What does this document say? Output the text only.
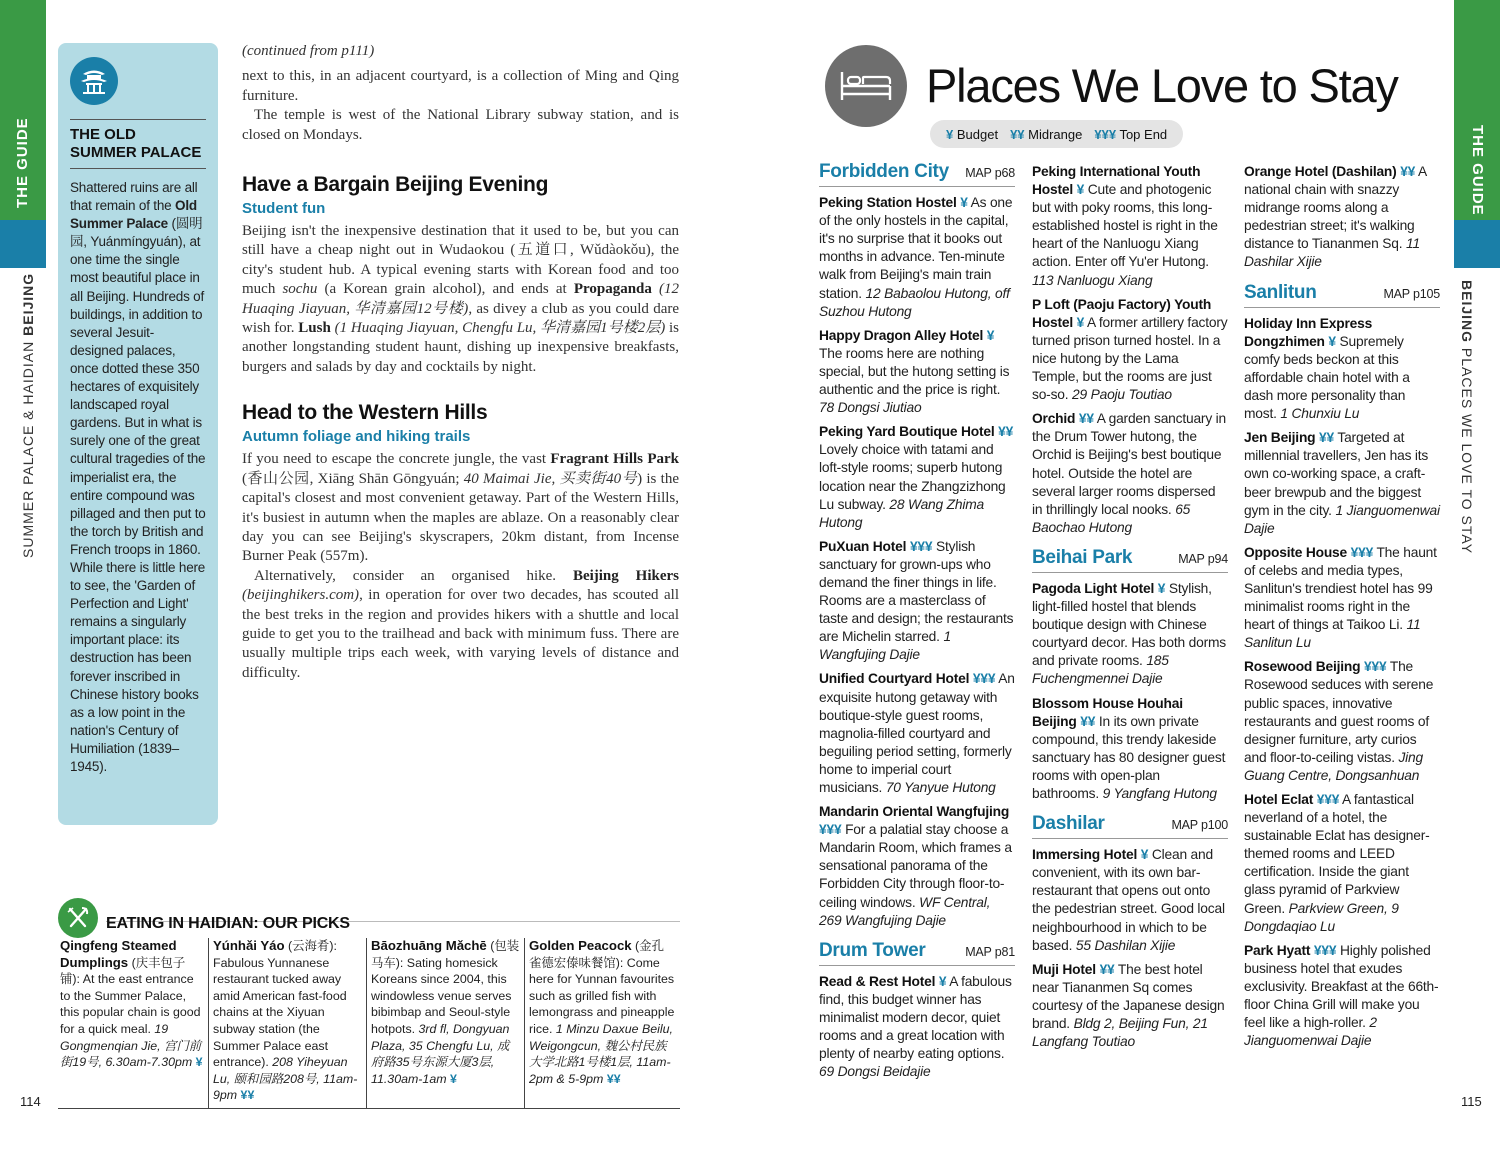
THE GUIDE
SUMMER PALACE & HAIDIAN BEIJING
114
THE OLD SUMMER PALACE
Shattered ruins are all that remain of the Old Summer Palace (圆明园, Yuánmíngyuán), at one time the single most beautiful place in all Beijing. Hundreds of buildings, in addition to several Jesuit-designed palaces, once dotted these 350 hectares of exquisitely landscaped royal gardens. But in what is surely one of the great cultural tragedies of the imperialist era, the entire compound was pillaged and then put to the torch by British and French troops in 1860. While there is little here to see, the 'Garden of Perfection and Light' remains a singularly important place: its destruction has been forever inscribed in Chinese history books as a low point in the nation's Century of Humiliation (1839–1945).

(continued from p111)

next to this, in an adjacent courtyard, is a collection of Ming and Qing furniture.

The temple is west of the National Library subway station, and is closed on Mondays.

Have a Bargain Beijing Evening
Student fun

Beijing isn't the inexpensive destination that it used to be, but you can still have a cheap night out in Wudaokou (五道口, Wǔdàokǒu), the city's student hub. A typical evening starts with Korean food and too much sochu (a Korean grain alcohol), and ends at Propaganda (12 Huaqing Jiayuan, 华清嘉园12号楼), as divey a club as you could dare wish for. Lush (1 Huaqing Jiayuan, Chengfu Lu, 华清嘉园1号楼2层) is another longstanding student haunt, dishing up inexpensive breakfasts, burgers and salads by day and cocktails by night.

Head to the Western Hills
Autumn foliage and hiking trails

If you need to escape the concrete jungle, the vast Fragrant Hills Park (香山公园, Xiāng Shān Gōngyuán; 40 Maimai Jie, 买卖街40号) is the capital's closest and most convenient getaway. Part of the Western Hills, it's busiest in autumn when the maples are ablaze. On a reasonably clear day you can see Beijing's skyscrapers, 20km distant, from Incense Burner Peak (557m).

Alternatively, consider an organised hike. Beijing Hikers (beijinghikers.com), in operation for over two decades, has scouted all the best treks in the region and provides hikers with a shuttle and local guide to get you to the trailhead and back with minimum fuss. There are usually multiple trips each week, with varying levels of distance and difficulty.

EATING IN HAIDIAN: OUR PICKS
Qingfeng Steamed Dumplings (庆丰包子铺): At the east entrance to the Summer Palace, this popular chain is good for a quick meal. 19 Gongmenqian Jie, 宫门前街19号, 6.30am-7.30pm ¥
Yúnhǎi Yáo (云海肴): Fabulous Yunnanese restaurant tucked away amid American fast-food chains at the Xiyuan subway station (the Summer Palace east entrance). 208 Yiheyuan Lu, 颐和园路208号, 11am-9pm ¥¥
Bāozhuāng Mǎchē (包装马车): Sating homesick Koreans since 2004, this windowless venue serves bibimbap and Seoul-style hotpots. 3rd fl, Dongyuan Plaza, 35 Chengfu Lu, 成府路35号东源大厦3层, 11.30am-1am ¥
Golden Peacock (金孔雀德宏傣味餐馆): Come here for Yunnan favourites such as grilled fish with lemongrass and pineapple rice. 1 Minzu Daxue Beilu, Weigongcun, 魏公村民族大学北路1号楼1层, 11am-2pm & 5-9pm ¥¥
THE GUIDE
BEIJING PLACES WE LOVE TO STAY
115
Places We Love to Stay
¥ Budget ¥¥ Midrange ¥¥¥ Top End
Forbidden City MAP p68
Peking Station Hostel ¥ As one of the only hostels in the capital, it's no surprise that it books out months in advance. Ten-minute walk from Beijing's main train station. 12 Babaolou Hutong, off Suzhou Hutong
Happy Dragon Alley Hotel ¥ The rooms here are nothing special, but the hutong setting is authentic and the price is right. 78 Dongsi Jiutiao
Peking Yard Boutique Hotel ¥¥ Lovely choice with tatami and loft-style rooms; superb hutong location near the Zhangzizhong Lu subway. 28 Wang Zhima Hutong
PuXuan Hotel ¥¥¥ Stylish sanctuary for grown-ups who demand the finer things in life. Rooms are a masterclass of taste and design; the restaurants are Michelin starred. 1 Wangfujing Dajie
Unified Courtyard Hotel ¥¥¥ An exquisite hutong getaway with boutique-style guest rooms, magnolia-filled courtyard and beguiling period setting, formerly home to imperial court musicians. 70 Yanyue Hutong
Mandarin Oriental Wangfujing ¥¥¥ For a palatial stay choose a Mandarin Room, which frames a sensational panorama of the Forbidden City through floor-to-ceiling windows. WF Central, 269 Wangfujing Dajie
Drum Tower	MAP p81
Read & Rest Hotel ¥ A fabulous find, this budget winner has minimalist modern decor, quiet rooms and a great location with plenty of nearby eating options. 69 Dongsi Beidajie
Peking International Youth Hostel ¥ Cute and photogenic but with poky rooms, this long-established hostel is right in the heart of the Nanluogu Xiang action. Enter off Yu'er Hutong. 113 Nanluogu Xiang
P Loft (Paoju Factory) Youth Hostel ¥ A former artillery factory turned prison turned hostel. In a nice hutong by the Lama Temple, but the rooms are just so-so. 29 Paoju Toutiao
Orchid ¥¥ A garden sanctuary in the Drum Tower hutong, the Orchid is Beijing's best boutique hotel. Outside the hotel are several larger rooms dispersed in thrillingly local nooks. 65 Baochao Hutong
Beihai Park	MAP p94
Pagoda Light Hotel ¥ Stylish, light-filled hostel that blends boutique design with Chinese courtyard decor. Has both dorms and private rooms. 185 Fuchengmennei Dajie
Blossom House Houhai Beijing ¥¥ In its own private compound, this trendy lakeside sanctuary has 80 designer guest rooms with open-plan bathrooms. 9 Yangfang Hutong
Dashilar	MAP p100
Immersing Hotel ¥ Clean and convenient, with its own bar-restaurant that opens out onto the pedestrian street. Good local neighbourhood in which to be based. 55 Dashilan Xijie
Muji Hotel ¥¥ The best hotel near Tiananmen Sq comes courtesy of the Japanese design brand. Bldg 2, Beijing Fun, 21 Langfang Toutiao
Orange Hotel (Dashilan) ¥¥ A national chain with snazzy midrange rooms along a pedestrian street; it's walking distance to Tiananmen Sq. 11 Dashilar Xijie
Sanlitun	MAP p105
Holiday Inn Express Dongzhimen ¥ Supremely comfy beds beckon at this affordable chain hotel with a dash more personality than most. 1 Chunxiu Lu
Jen Beijing ¥¥ Targeted at millennial travellers, Jen has its own co-working space, a craft-beer brewpub and the biggest gym in the city. 1 Jianguomenwai Dajie
Opposite House ¥¥¥ The haunt of celebs and media types, Sanlitun's trendiest hotel has 99 minimalist rooms right in the heart of things at Taikoo Li. 11 Sanlitun Lu
Rosewood Beijing ¥¥¥ The Rosewood seduces with serene public spaces, innovative restaurants and guest rooms of designer furniture, arty curios and floor-to-ceiling vistas. Jing Guang Centre, Dongsanhuan
Hotel Eclat ¥¥¥ A fantastical neverland of a hotel, the sustainable Eclat has designer-themed rooms and LEED certification. Inside the giant glass pyramid of Parkview Green. Parkview Green, 9 Dongdaqiao Lu
Park Hyatt ¥¥¥ Highly polished business hotel that exudes exclusivity. Breakfast at the 66th-floor China Grill will make you feel like a high-roller. 2 Jianguomenwai Dajie
